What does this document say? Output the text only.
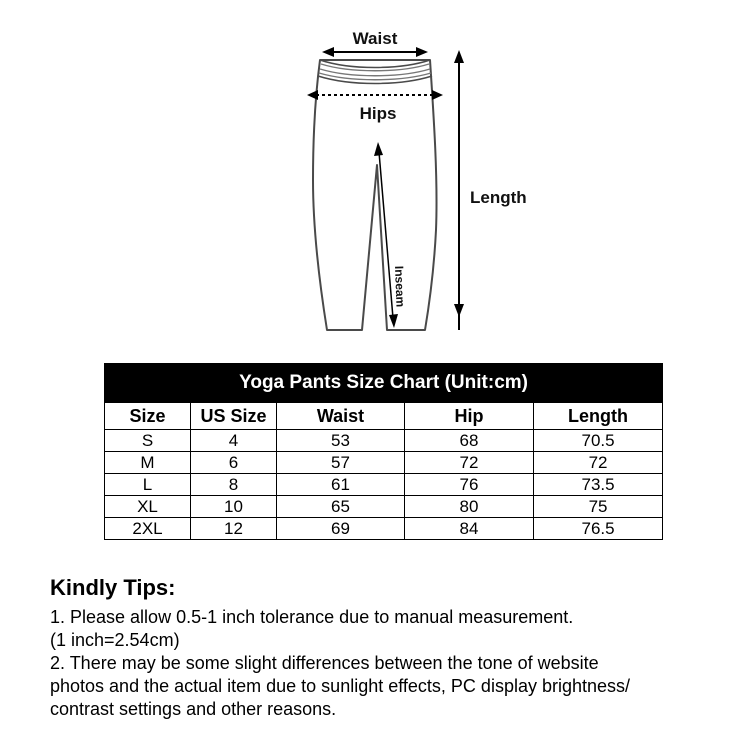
Waist
Hips
Inseam
Length
Yoga Pants Size Chart (Unit:cm)				
Size	US Size	Waist	Hip	Length
S	4	53	68	70.5
M	6	57	72	72
L	8	61	76	73.5
XL	10	65	80	75
2XL	12	69	84	76.5

Kindly Tips:

1. Please allow 0.5-1 inch tolerance due to manual measurement.

(1 inch=2.54cm)

2. There may be some slight differences between the tone of website

photos and the actual item due to sunlight effects, PC display brightness/

contrast settings and other reasons.
